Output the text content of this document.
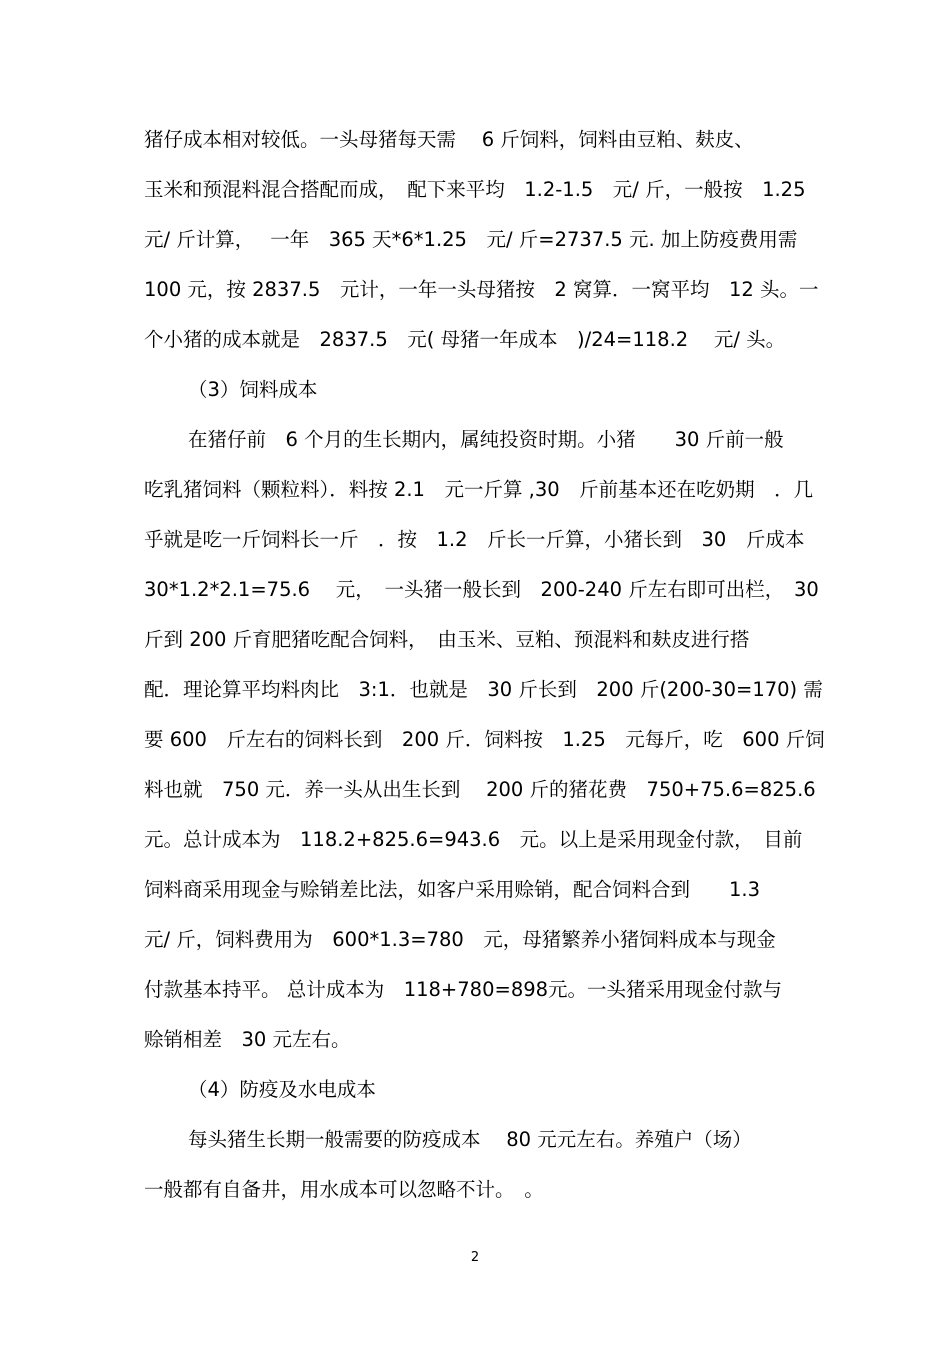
猪仔成本相对较低。一头母猪每天需　 6 斤饲料，饲料由豆粕、麸皮、

玉米和预混料混合搭配而成，　配下来平均　1.2-1.5　元/ 斤，一般按　1.25

元/ 斤计算，　 一年　365 天*6*1.25　元/ 斤=2737.5 元. 加上防疫费用需

100 元，按 2837.5　元计，一年一头母猪按　2 窝算．一窝平均　12 头。一

个小猪的成本就是　2837.5　元( 母猪一年成本　)/24=118.2　 元/ 头。

（3）饲料成本

在猪仔前　6 个月的生长期内，属纯投资时期。小猪　　30 斤前一般

吃乳猪饲料（颗粒料）．料按 2.1　元一斤算 ,30　斤前基本还在吃奶期　．几

乎就是吃一斤饲料长一斤　．按　1.2　斤长一斤算，小猪长到　30　斤成本

30*1.2*2.1=75.6　 元，　一头猪一般长到　200-240 斤左右即可出栏，　30

斤到 200 斤育肥猪吃配合饲料，　由玉米、豆粕、预混料和麸皮进行搭

配．理论算平均料肉比　3:1．也就是　30 斤长到　200 斤(200-30=170) 需

要 600　斤左右的饲料长到　200 斤．饲料按　1.25　元每斤，吃　600 斤饲

料也就　750 元．养一头从出生长到　 200 斤的猪花费　750+75.6=825.6

元。总计成本为　118.2+825.6=943.6　元。以上是采用现金付款，　目前

饲料商采用现金与赊销差比法，如客户采用赊销，配合饲料合到　　1.3

元/ 斤，饲料费用为　600*1.3=780　元，母猪繁养小猪饲料成本与现金

付款基本持平。 总计成本为　118+780=898元。一头猪采用现金付款与

赊销相差　30 元左右。

（4）防疫及水电成本

每头猪生长期一般需要的防疫成本　 80 元元左右。养殖户（场）

一般都有自备井，用水成本可以忽略不计。　。

2
